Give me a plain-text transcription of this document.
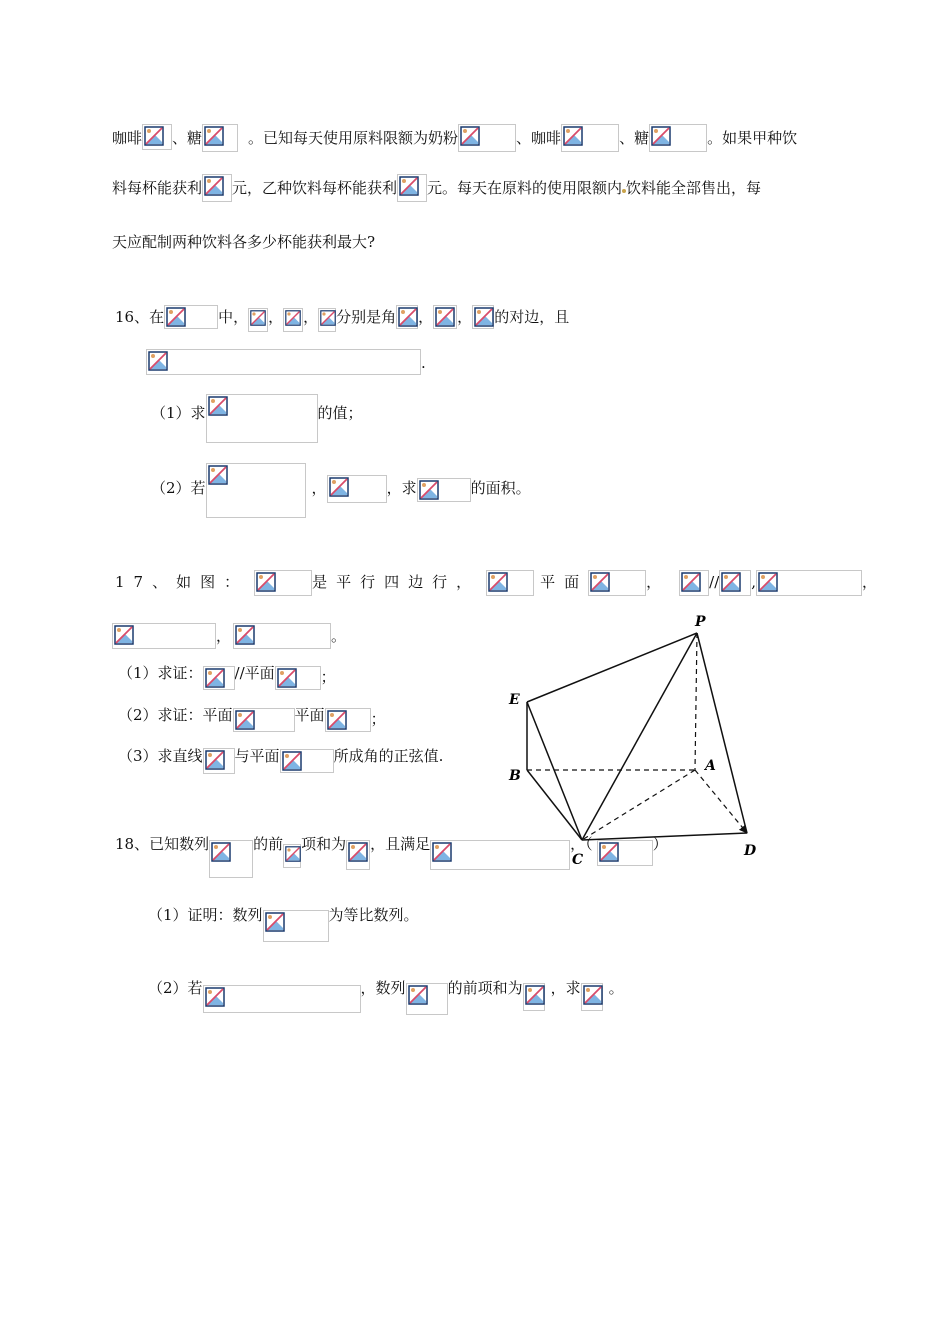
咖啡 、糖	。已知每天使用原料限额为奶粉	、咖啡	、糖	。如果甲种饮
料每杯能获利 元，乙种饮料每杯能获利 元。每天在原料的使用限额内 饮料能全部售出，每
天应配制两种饮料各多少杯能获利最大?
16、在	中， ， ， 分别是角 ， ， 的对边，且
.
（1）求	的值；
（2）若	，	，求	的面积。
17、如图：	是平行四边行，	平面	，	// ,	，
，	。
（1）求证： //平面	；
（2）求证：平面	平面	；
（3）求直线 与平面	所成角的正弦值.
P
E
B
A
C
D
18、已知数列	的前 项和为 ，且满足	，（	）
（1）证明：数列	为等比数列。
（2）若	，数列	的前项和为 ，求 。
